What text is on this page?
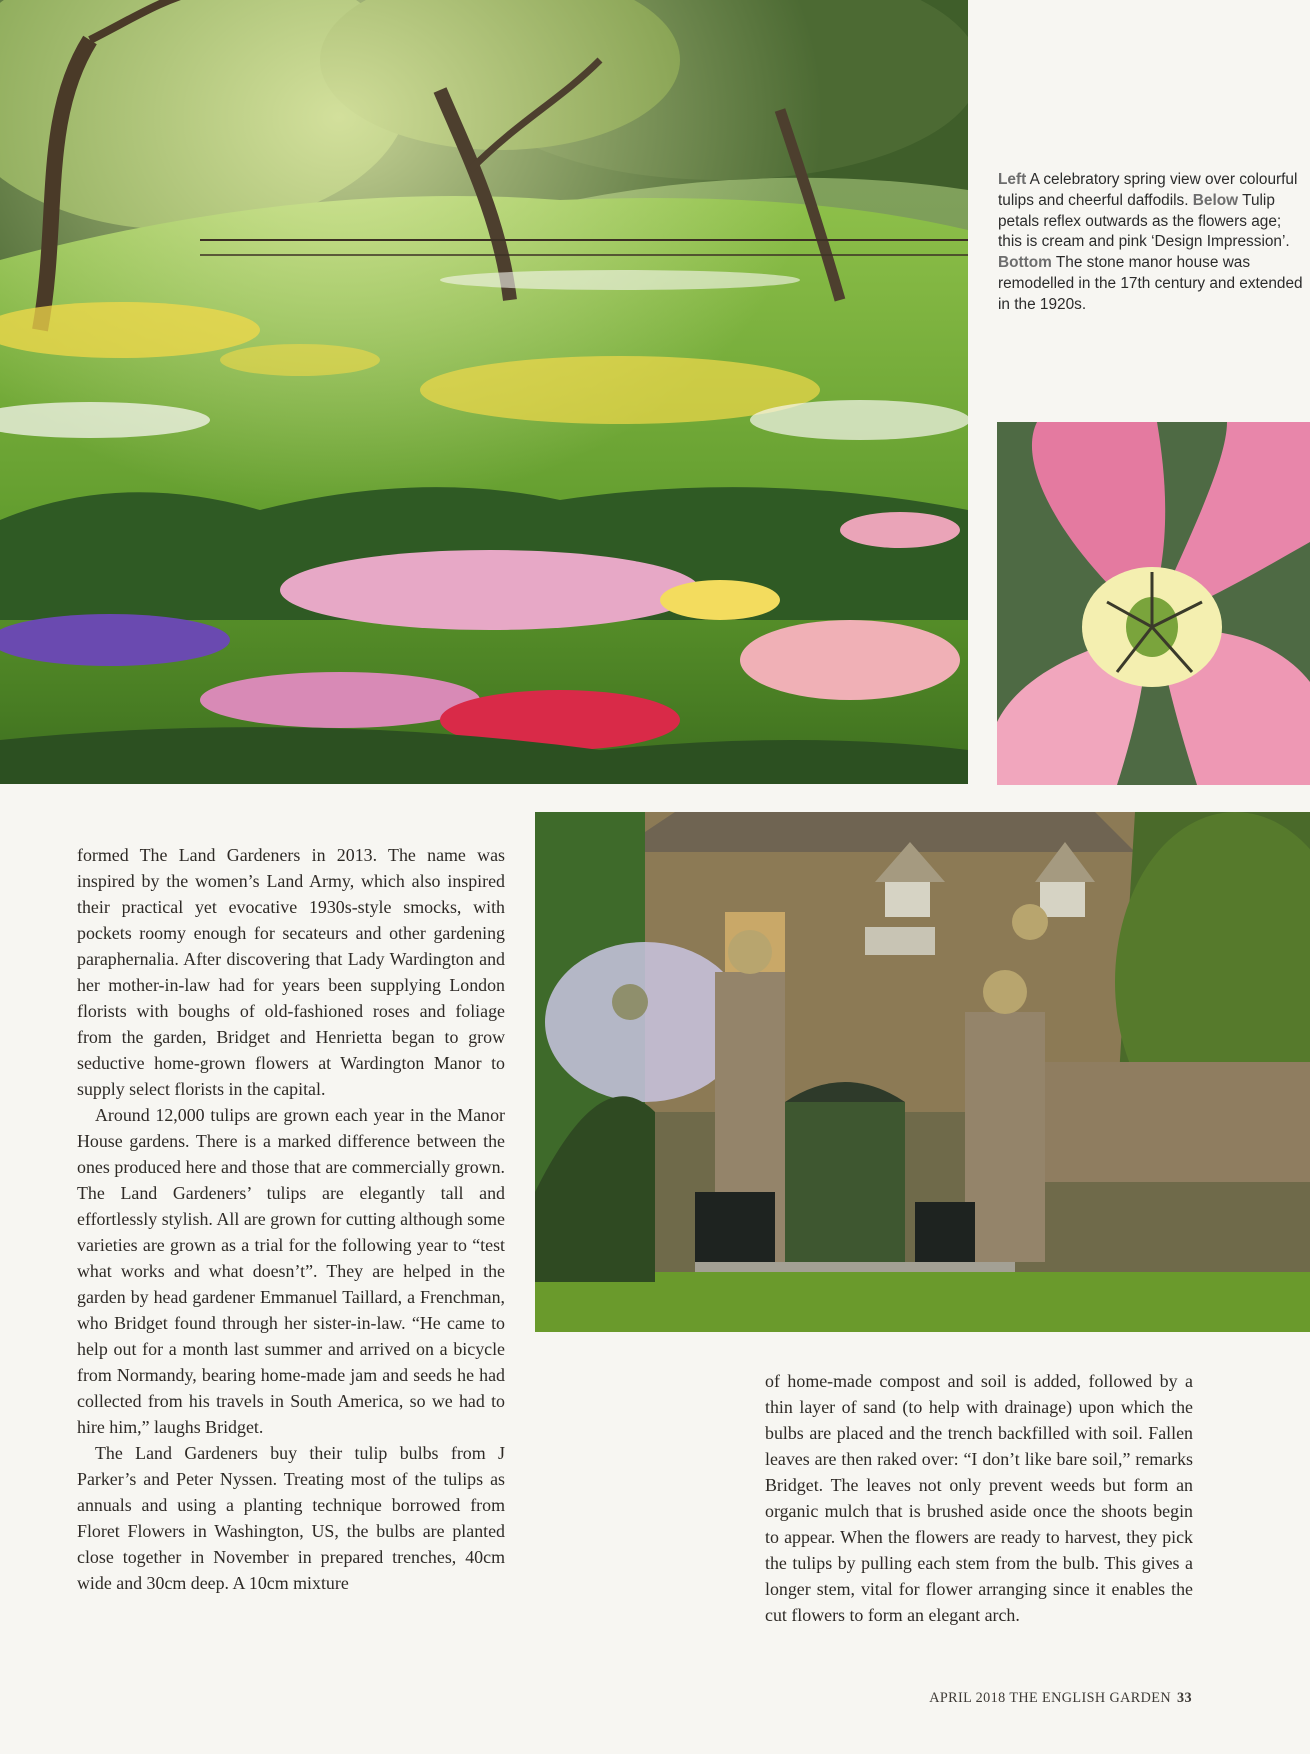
Left A celebratory spring view over colourful tulips and cheerful daffodils. Below Tulip petals reflex outwards as the flowers age; this is cream and pink ‘Design Impression’. Bottom The stone manor house was remodelled in the 17th century and extended in the 1920s.

formed The Land Gardeners in 2013. The name was inspired by the women’s Land Army, which also inspired their practical yet evocative 1930s-style smocks, with pockets roomy enough for secateurs and other gardening paraphernalia. After discovering that Lady Wardington and her mother-in-law had for years been supplying London florists with boughs of old-fashioned roses and foliage from the garden, Bridget and Henrietta began to grow seductive home-grown flowers at Wardington Manor to supply select florists in the capital.

Around 12,000 tulips are grown each year in the Manor House gardens. There is a marked difference between the ones produced here and those that are commercially grown. The Land Gardeners’ tulips are elegantly tall and effortlessly stylish. All are grown for cutting although some varieties are grown as a trial for the following year to “test what works and what doesn’t”. They are helped in the garden by head gardener Emmanuel Taillard, a Frenchman, who Bridget found through her sister-in-law. “He came to help out for a month last summer and arrived on a bicycle from Normandy, bearing home-made jam and seeds he had collected from his travels in South America, so we had to hire him,” laughs Bridget.

The Land Gardeners buy their tulip bulbs from J Parker’s and Peter Nyssen. Treating most of the tulips as annuals and using a planting technique borrowed from Floret Flowers in Washington, US, the bulbs are planted close together in November in prepared trenches, 40cm wide and 30cm deep. A 10cm mixture

of home-made compost and soil is added, followed by a thin layer of sand (to help with drainage) upon which the bulbs are placed and the trench backfilled with soil. Fallen leaves are then raked over: “I don’t like bare soil,” remarks Bridget. The leaves not only prevent weeds but form an organic mulch that is brushed aside once the shoots begin to appear. When the flowers are ready to harvest, they pick the tulips by pulling each stem from the bulb. This gives a longer stem, vital for flower arranging since it enables the cut flowers to form an elegant arch.

APRIL 2018 THE ENGLISH GARDEN 33
